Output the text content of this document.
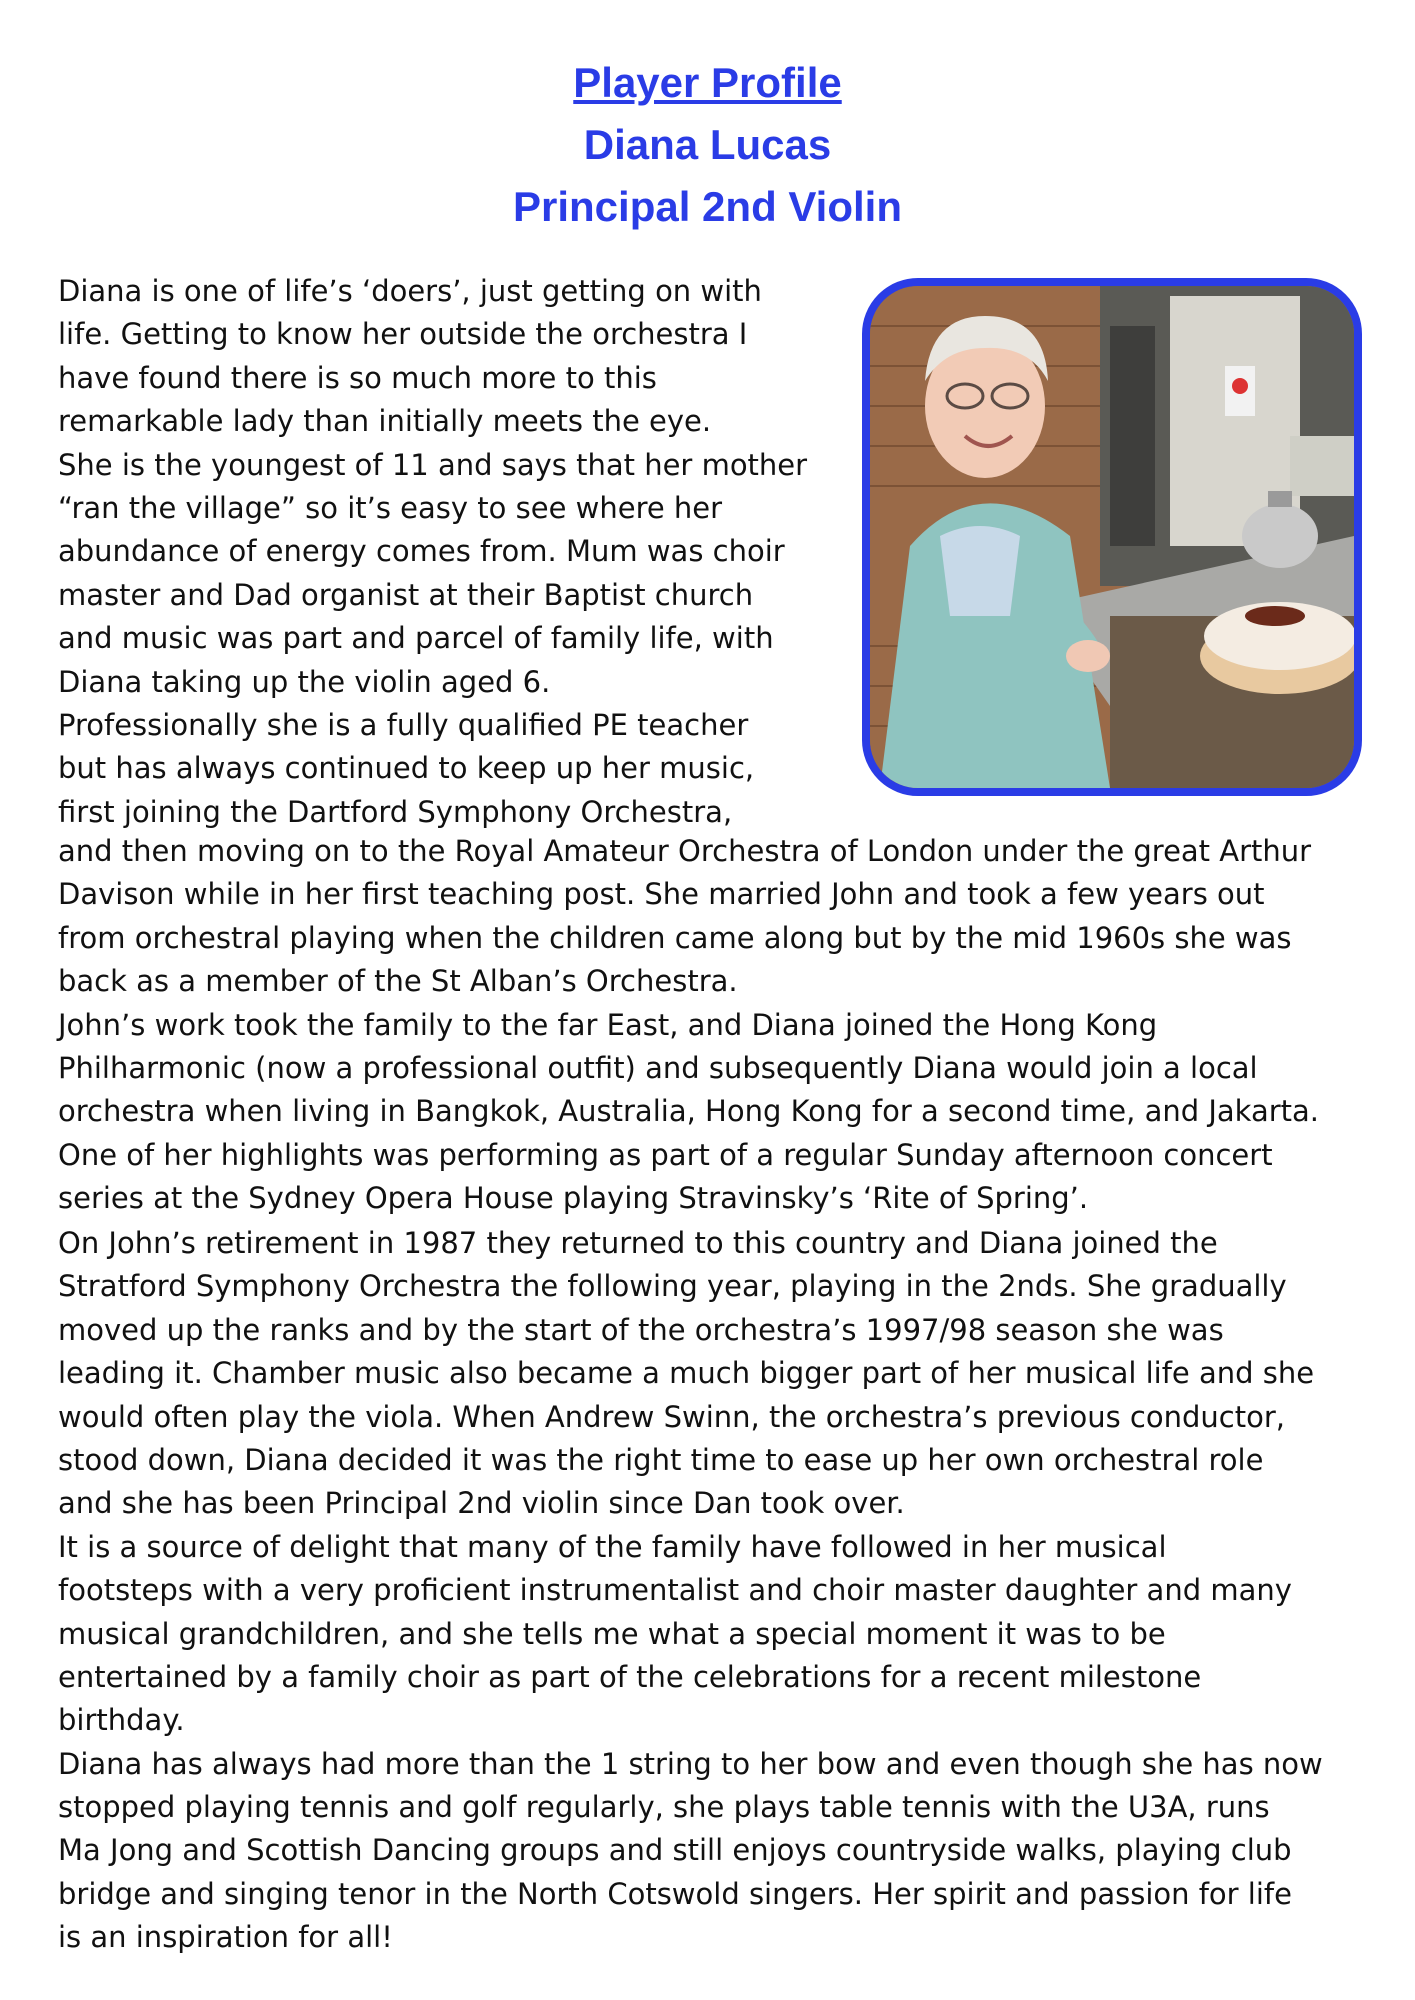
Player Profile
Diana Lucas
Principal 2nd Violin
Diana is one of life’s ‘doers’, just getting on with
life. Getting to know her outside the orchestra I
have found there is so much more to this
remarkable lady than initially meets the eye.
She is the youngest of 11 and says that her mother
“ran the village” so it’s easy to see where her
abundance of energy comes from. Mum was choir
master and Dad organist at their Baptist church
and music was part and parcel of family life, with
Diana taking up the violin aged 6.
Professionally she is a fully qualified PE teacher
but has always continued to keep up her music,
first joining the Dartford Symphony Orchestra,
and then moving on to the Royal Amateur Orchestra of London under the great Arthur
Davison while in her first teaching post. She married John and took a few years out
from orchestral playing when the children came along but by the mid 1960s she was
back as a member of the St Alban’s Orchestra.
John’s work took the family to the far East, and Diana joined the Hong Kong
Philharmonic (now a professional outfit) and subsequently Diana would join a local
orchestra when living in Bangkok, Australia, Hong Kong for a second time, and Jakarta.
One of her highlights was performing as part of a regular Sunday afternoon concert
series at the Sydney Opera House playing Stravinsky’s ‘Rite of Spring’.
On John’s retirement in 1987 they returned to this country and Diana joined the
Stratford Symphony Orchestra the following year, playing in the 2nds. She gradually
moved up the ranks and by the start of the orchestra’s 1997/98 season she was
leading it. Chamber music also became a much bigger part of her musical life and she
would often play the viola. When Andrew Swinn, the orchestra’s previous conductor,
stood down, Diana decided it was the right time to ease up her own orchestral role
and she has been Principal 2nd violin since Dan took over.
It is a source of delight that many of the family have followed in her musical
footsteps with a very proficient instrumentalist and choir master daughter and many
musical grandchildren, and she tells me what a special moment it was to be
entertained by a family choir as part of the celebrations for a recent milestone
birthday.
Diana has always had more than the 1 string to her bow and even though she has now
stopped playing tennis and golf regularly, she plays table tennis with the U3A, runs
Ma Jong and Scottish Dancing groups and still enjoys countryside walks, playing club
bridge and singing tenor in the North Cotswold singers. Her spirit and passion for life
is an inspiration for all!
